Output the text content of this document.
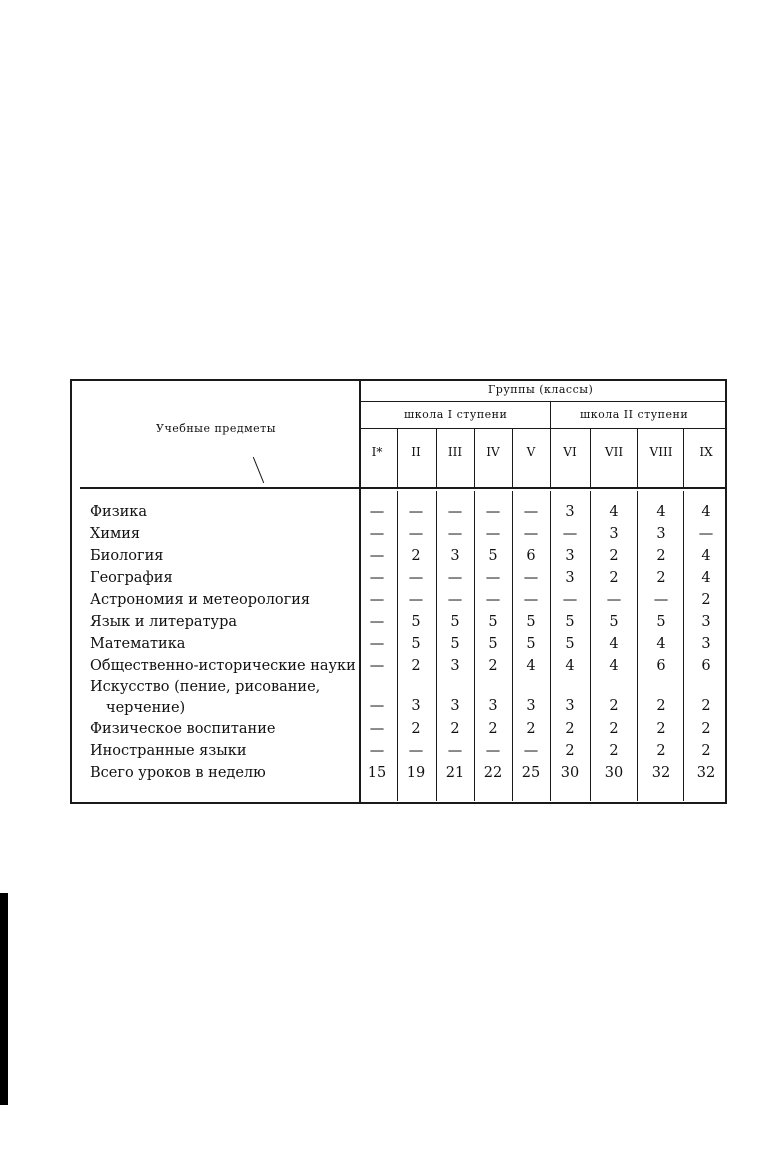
Группы (классы)
школа I ступени	школа II ступени
Учебные предметы
I* II III IV V VI VII VIII IX
Физика	— — — — — 3 4	4 4
Химия	— — — — — — 3	3 —
Биология	— 2 3 5 6 3 2	2 4
География	— — — — — 3 2	2 4
Астрономия и метеорология	— — — — — — — — 2
Язык и литература	— 5 5 5 5 5 5	5 3
Математика	— 5 5 5 5 5 4	4 3
Общественно-исторические науки — 2 3 2 4 4 4	6 6
Искусство (пение, рисование,
черчение)	— 3 3 3 3 3 2	2 2
Физическое воспитание	— 2 2 2 2 2 2	2 2
Иностранные языки	— — — — — 2 2	2 2
Всего уроков в неделю	15 19 21 22 25 30 30 32 32
